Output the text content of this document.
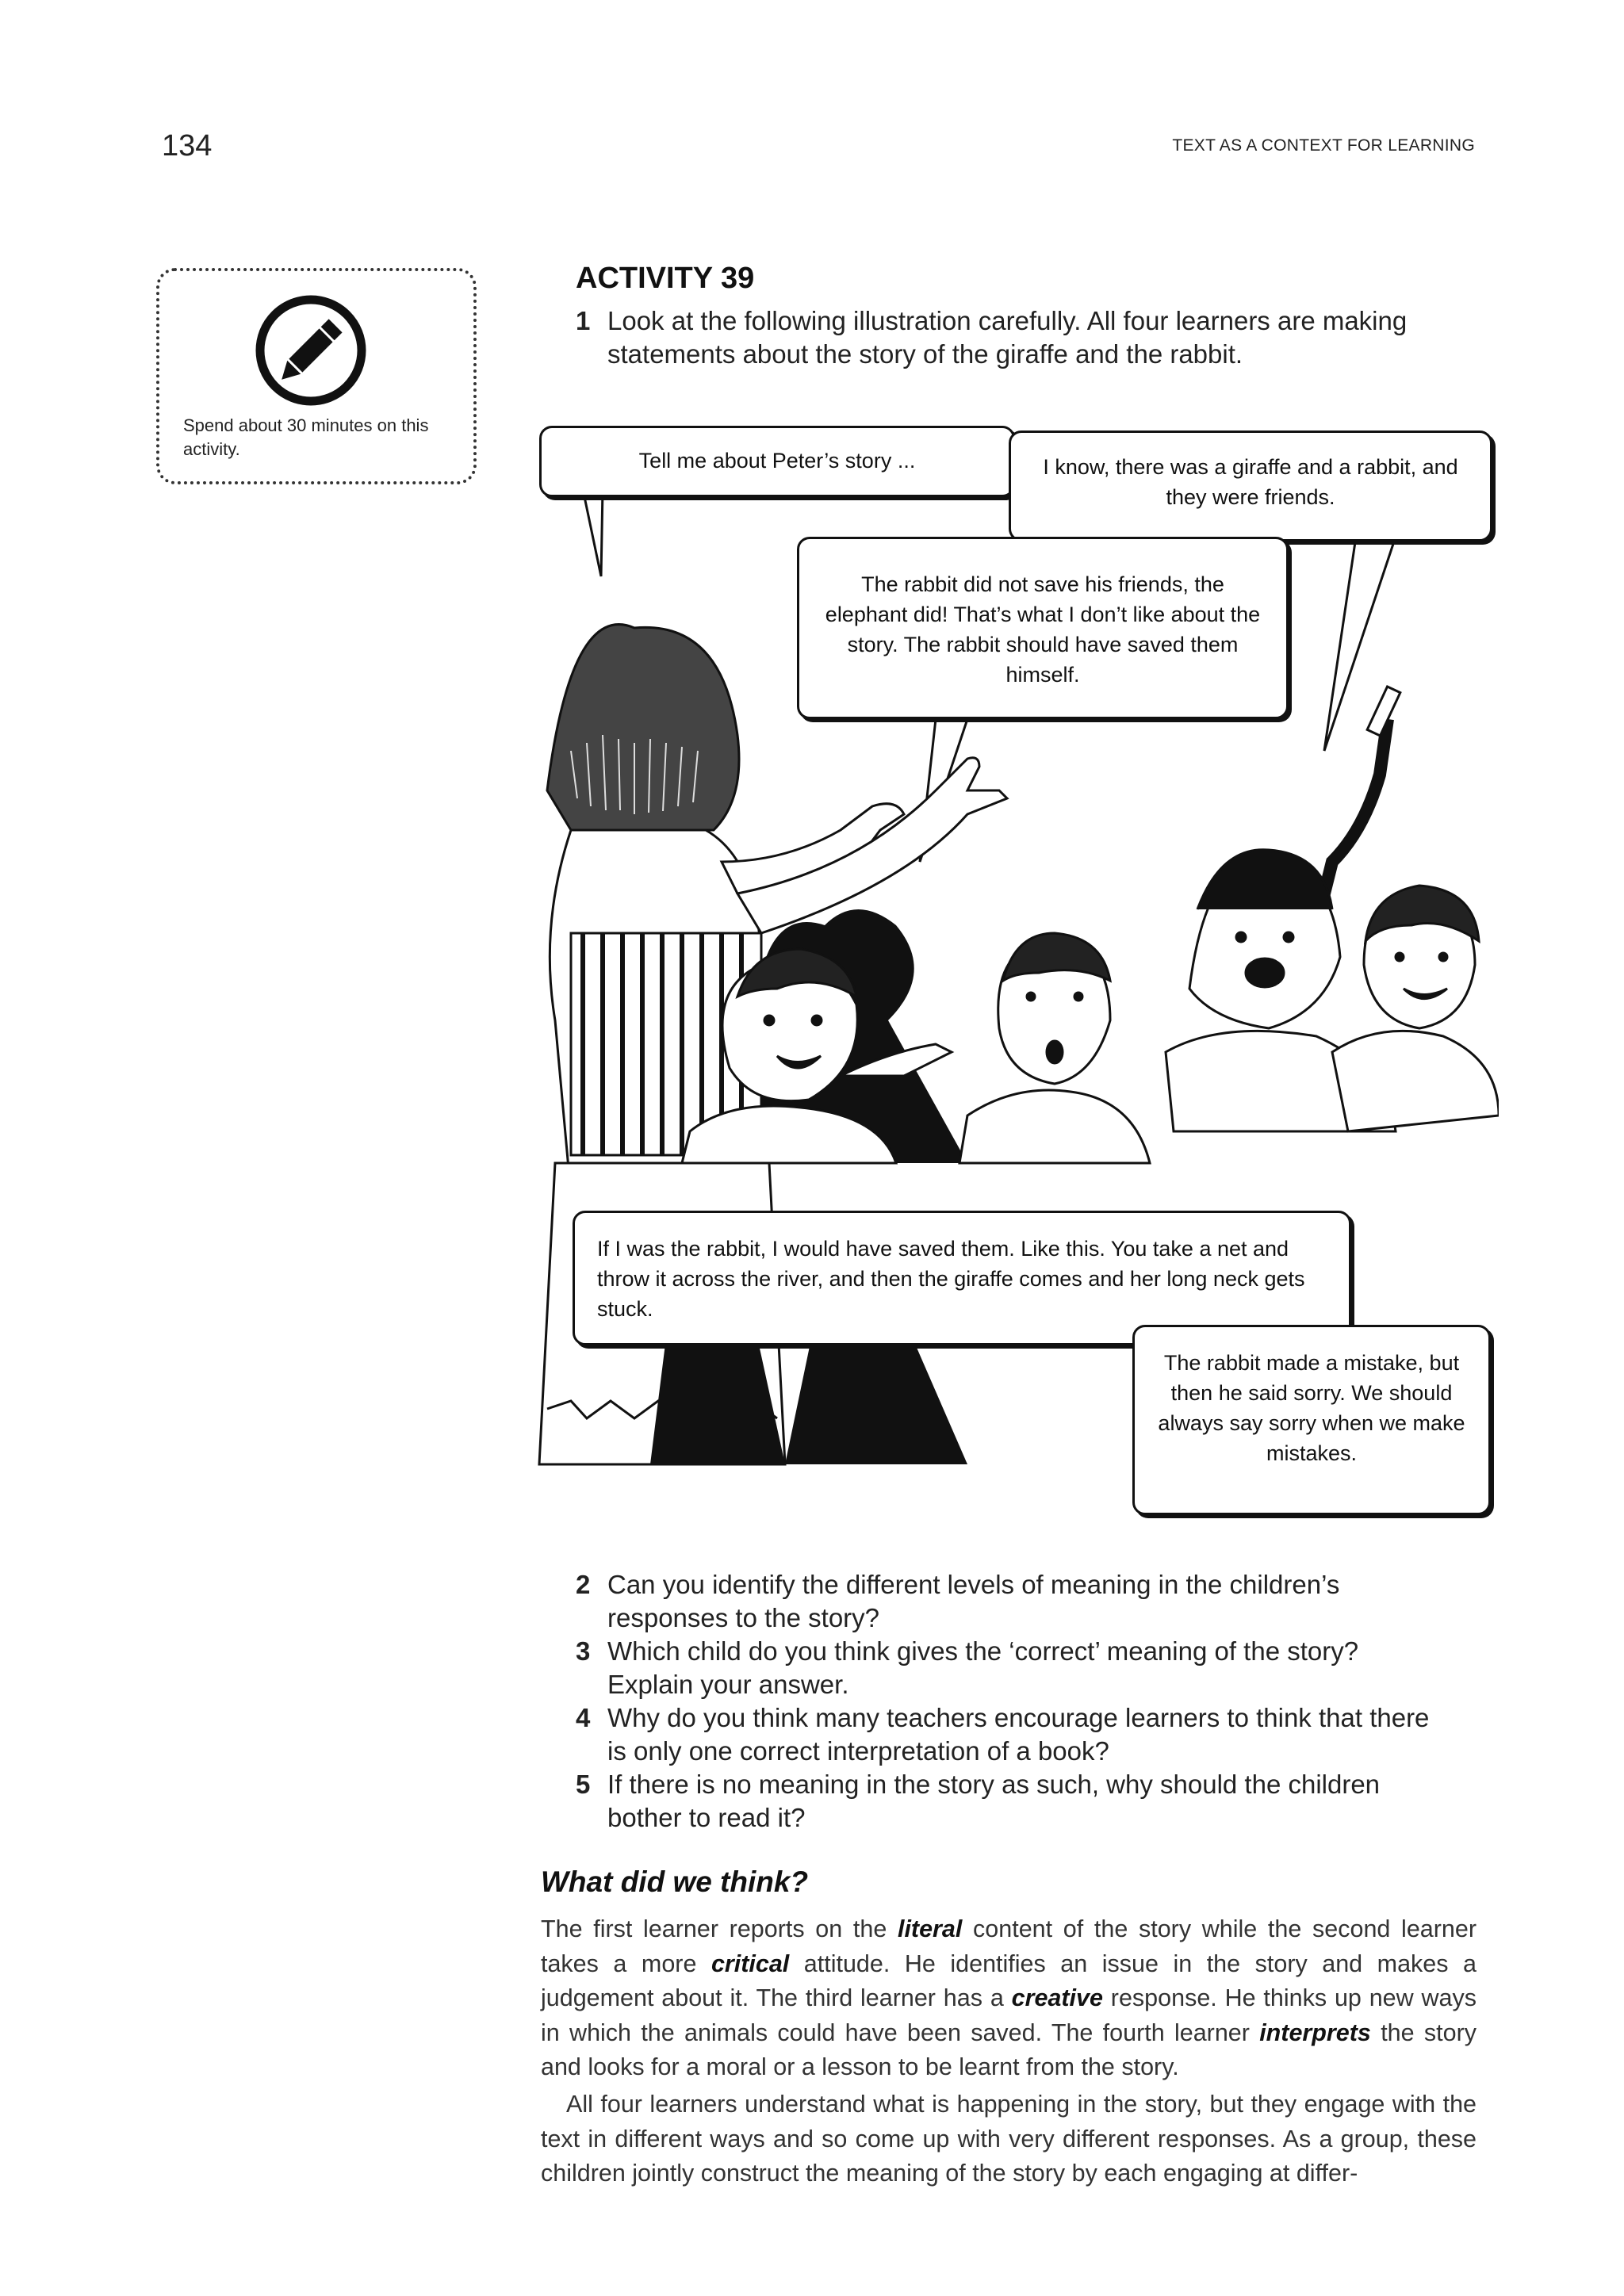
134	TEXT AS A CONTEXT FOR LEARNING
Spend about 30 minutes on this activity.
ACTIVITY 39
1 Look at the following illustration carefully. All four learners are making statements about the story of the giraffe and the rabbit.
Tell me about Peter’s story ...	I know, there was a giraffe and a rabbit, and they were friends.
The rabbit did not save his friends, the elephant did! That’s what I don’t like about the story. The rabbit should have saved them himself.
If I was the rabbit, I would have saved them. Like this. You take a net and throw it across the river, and then the giraffe comes and her long neck gets stuck.
The rabbit made a mistake, but then he said sorry. We should always say sorry when we make mistakes.
2 Can you identify the different levels of meaning in the children’s responses to the story?
3 Which child do you think gives the ‘correct’ meaning of the story? Explain your answer.
4 Why do you think many teachers encourage learners to think that there is only one correct interpretation of a book?
5 If there is no meaning in the story as such, why should the children bother to read it?
What did we think?
The first learner reports on the literal content of the story while the second learner takes a more critical attitude. He identifies an issue in the story and makes a judgement about it. The third learner has a creative response. He thinks up new ways in which the animals could have been saved. The fourth learner interprets the story and looks for a moral or a lesson to be learnt from the story.
All four learners understand what is happening in the story, but they engage with the text in different ways and so come up with very different responses. As a group, these children jointly construct the meaning of the story by each engaging at differ-
